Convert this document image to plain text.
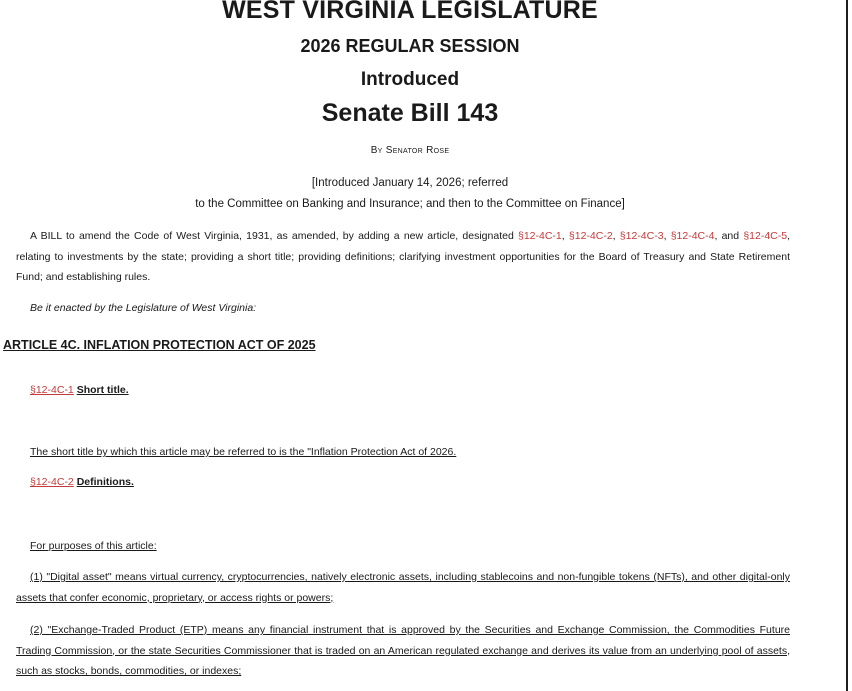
WEST VIRGINIA LEGISLATURE
2026 REGULAR SESSION
Introduced
Senate Bill 143
By Senator Rose
[Introduced January 14, 2026; referred
to the Committee on Banking and Insurance; and then to the Committee on Finance]
A BILL to amend the Code of West Virginia, 1931, as amended, by adding a new article, designated §12-4C-1, §12-4C-2, §12-4C-3, §12-4C-4, and §12-4C-5, relating to investments by the state; providing a short title; providing definitions; clarifying investment opportunities for the Board of Treasury and State Retirement Fund; and establishing rules.
Be it enacted by the Legislature of West Virginia:
ARTICLE 4C. INFLATION PROTECTION ACT OF 2025
§12-4C-1 Short title.
The short title by which this article may be referred to is the "Inflation Protection Act of 2026.
§12-4C-2 Definitions.
For purposes of this article:
(1) "Digital asset" means virtual currency, cryptocurrencies, natively electronic assets, including stablecoins and non-fungible tokens (NFTs), and other digital-only assets that confer economic, proprietary, or access rights or powers;
(2) "Exchange-Traded Product (ETP) means any financial instrument that is approved by the Securities and Exchange Commission, the Commodities Future Trading Commission, or the state Securities Commissioner that is traded on an American regulated exchange and derives its value from an underlying pool of assets, such as stocks, bonds, commodities, or indexes;
